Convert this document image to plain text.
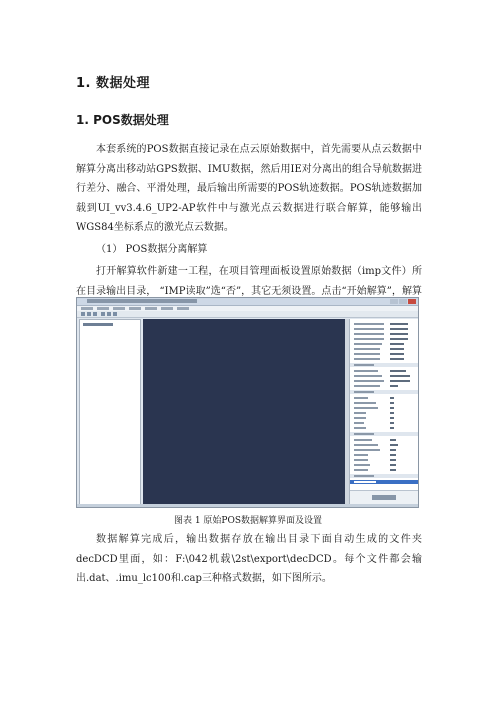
1. 数据处理
1. POS数据处理

本套系统的POS数据直接记录在点云原始数据中，首先需要从点云数据中解算分离出移动站GPS数据、IMU数据，然后用IE对分离出的组合导航数据进行差分、融合、平滑处理，最后输出所需要的POS轨迹数据。POS轨迹数据加载到UI_vv3.4.6_UP2-AP软件中与激光点云数据进行联合解算，能够输出WGS84坐标系点的激光点云数据。

（1） POS数据分离解算

打开解算软件新建一工程，在项目管理面板设置原始数据（imp文件）所在目录输出目录， “IMP读取”选“否”，其它无须设置。点击“开始解算”，解算

图表 1 原始POS数据解算界面及设置

数据解算完成后，输出数据存放在输出目录下面自动生成的文件夹 decDCD里面，如：F:\042机载\2st\export\decDCD。每个文件都会输出.dat、.imu_lc100和.cap三种格式数据，如下图所示。
